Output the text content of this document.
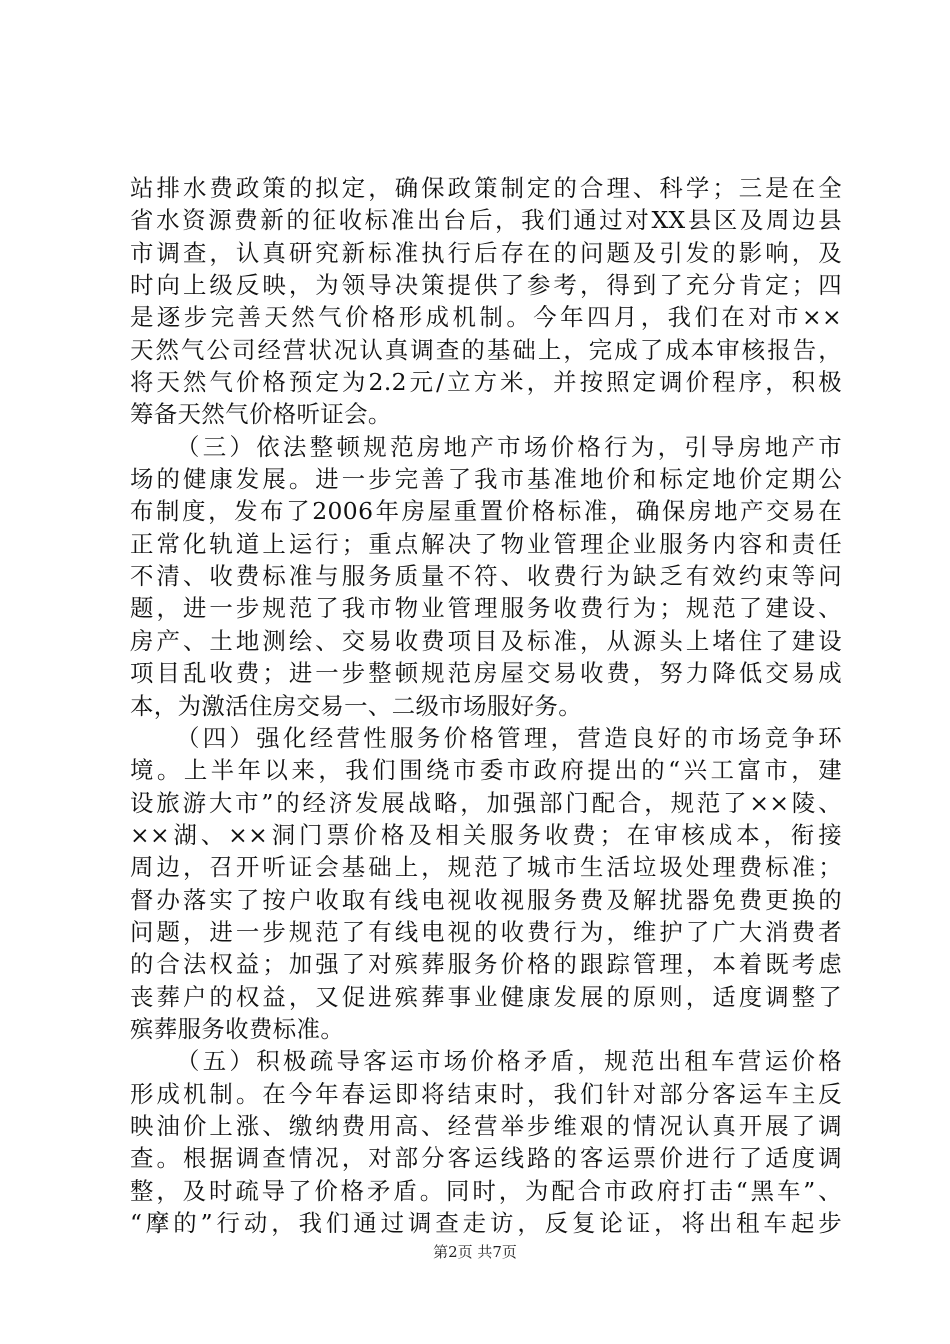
站排水费政策的拟定，确保政策制定的合理、科学；三是在全
省水资源费新的征收标准出台后，我们通过对XX县区及周边县
市调查，认真研究新标准执行后存在的问题及引发的影响，及
时向上级反映，为领导决策提供了参考，得到了充分肯定；四
是逐步完善天然气价格形成机制。今年四月，我们在对市××
天然气公司经营状况认真调查的基础上，完成了成本审核报告，
将天然气价格预定为2.2元/立方米，并按照定调价程序，积极
筹备天然气价格听证会。
（三）依法整顿规范房地产市场价格行为，引导房地产市
场的健康发展。进一步完善了我市基准地价和标定地价定期公
布制度，发布了2006年房屋重置价格标准，确保房地产交易在
正常化轨道上运行；重点解决了物业管理企业服务内容和责任
不清、收费标准与服务质量不符、收费行为缺乏有效约束等问
题，进一步规范了我市物业管理服务收费行为；规范了建设、
房产、土地测绘、交易收费项目及标准，从源头上堵住了建设
项目乱收费；进一步整顿规范房屋交易收费，努力降低交易成
本，为激活住房交易一、二级市场服好务。
（四）强化经营性服务价格管理，营造良好的市场竞争环
境。上半年以来，我们围绕市委市政府提出的“兴工富市，建
设旅游大市”的经济发展战略，加强部门配合，规范了××陵、
××湖、××洞门票价格及相关服务收费；在审核成本，衔接
周边，召开听证会基础上，规范了城市生活垃圾处理费标准；
督办落实了按户收取有线电视收视服务费及解扰器免费更换的
问题，进一步规范了有线电视的收费行为，维护了广大消费者
的合法权益；加强了对殡葬服务价格的跟踪管理，本着既考虑
丧葬户的权益，又促进殡葬事业健康发展的原则，适度调整了
殡葬服务收费标准。
（五）积极疏导客运市场价格矛盾，规范出租车营运价格
形成机制。在今年春运即将结束时，我们针对部分客运车主反
映油价上涨、缴纳费用高、经营举步维艰的情况认真开展了调
查。根据调查情况，对部分客运线路的客运票价进行了适度调
整，及时疏导了价格矛盾。同时，为配合市政府打击“黑车”、
“摩的”行动，我们通过调查走访，反复论证，将出租车起步
第2页 共7页
